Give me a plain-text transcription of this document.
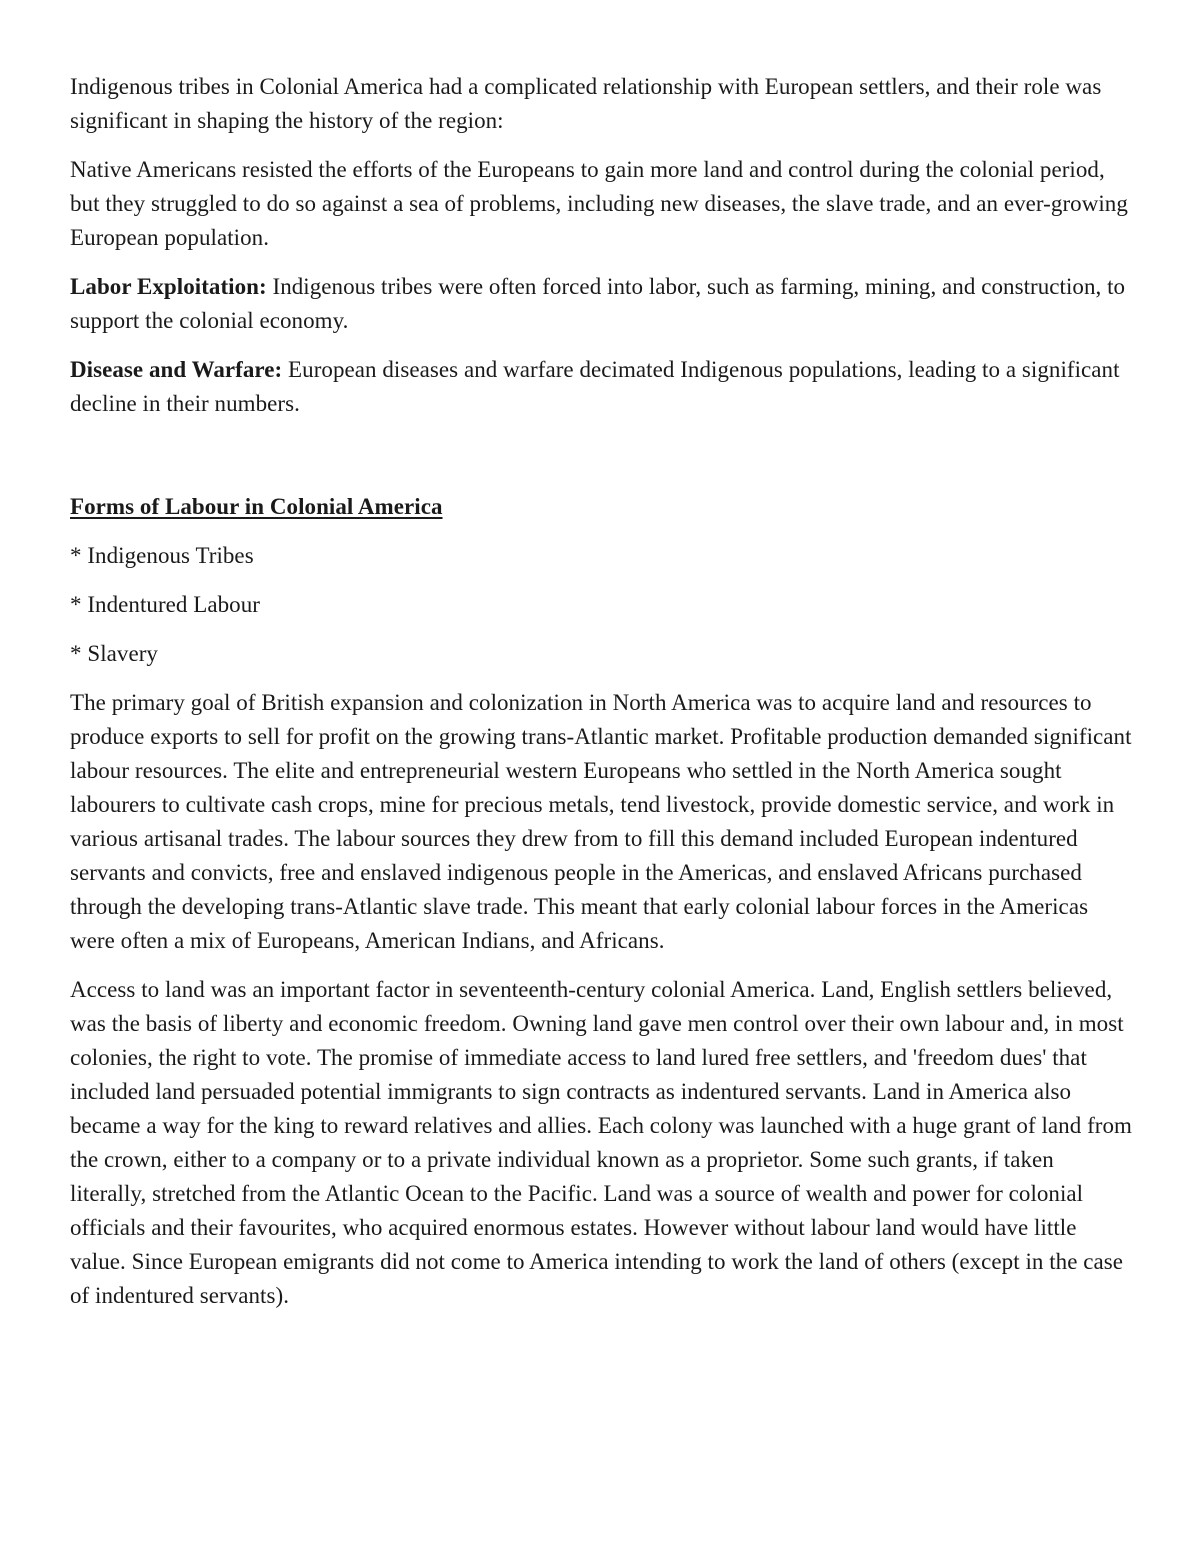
Indigenous tribes in Colonial America had a complicated relationship with European settlers, and their role was significant in shaping the history of the region:

Native Americans resisted the efforts of the Europeans to gain more land and control during the colonial period, but they struggled to do so against a sea of problems, including new diseases, the slave trade, and an ever-growing European population.

Labor Exploitation: Indigenous tribes were often forced into labor, such as farming, mining, and construction, to support the colonial economy.

Disease and Warfare: European diseases and warfare decimated Indigenous populations, leading to a significant decline in their numbers.

Forms of Labour in Colonial America

* Indigenous Tribes
* Indentured Labour
* Slavery

The primary goal of British expansion and colonization in North America was to acquire land and resources to produce exports to sell for profit on the growing trans-Atlantic market. Profitable production demanded significant labour resources. The elite and entrepreneurial western Europeans who settled in the North America sought labourers to cultivate cash crops, mine for precious metals, tend livestock, provide domestic service, and work in various artisanal trades. The labour sources they drew from to fill this demand included European indentured servants and convicts, free and enslaved indigenous people in the Americas, and enslaved Africans purchased through the developing trans-Atlantic slave trade. This meant that early colonial labour forces in the Americas were often a mix of Europeans, American Indians, and Africans.

Access to land was an important factor in seventeenth-century colonial America. Land, English settlers believed, was the basis of liberty and economic freedom. Owning land gave men control over their own labour and, in most colonies, the right to vote. The promise of immediate access to land lured free settlers, and 'freedom dues' that included land persuaded potential immigrants to sign contracts as indentured servants. Land in America also became a way for the king to reward relatives and allies. Each colony was launched with a huge grant of land from the crown, either to a company or to a private individual known as a proprietor. Some such grants, if taken literally, stretched from the Atlantic Ocean to the Pacific. Land was a source of wealth and power for colonial officials and their favourites, who acquired enormous estates. However without labour land would have little value. Since European emigrants did not come to America intending to work the land of others (except in the case of indentured servants).
